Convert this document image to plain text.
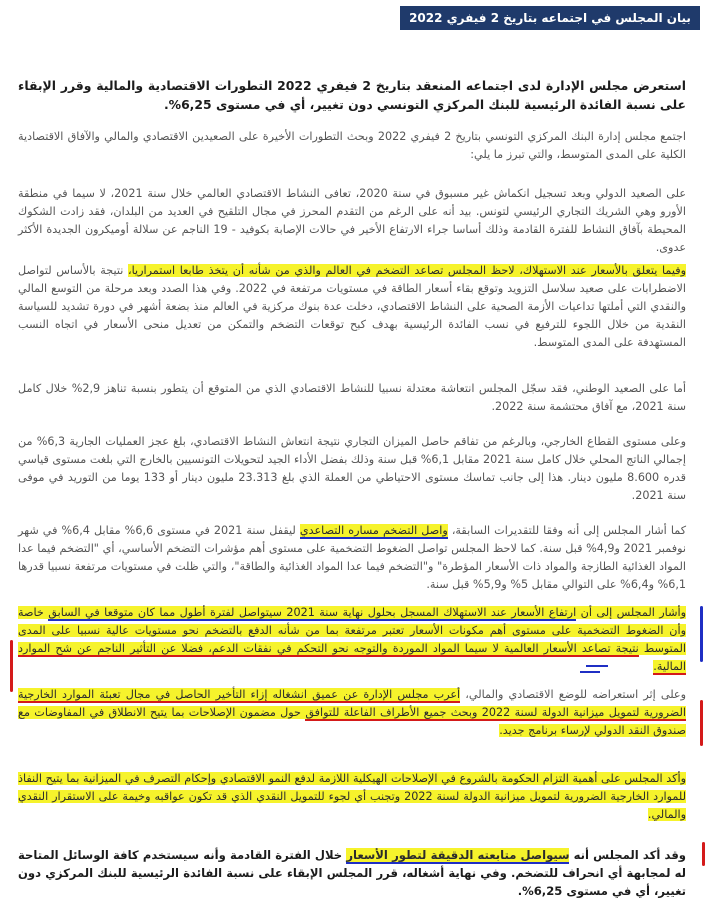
بيان المجلس في اجتماعه بتاريخ 2 فيفري 2022
استعرض مجلس الإدارة لدى اجتماعه المنعقد بتاريخ 2 فيفري 2022 التطورات الاقتصادية والمالية وقرر الإبقاء على نسبة الفائدة الرئيسية للبنك المركزي التونسي دون تغيير، أي في مستوى 6,25%.
اجتمع مجلس إدارة البنك المركزي التونسي بتاريخ 2 فيفري 2022 وبحث التطورات الأخيرة على الصعيدين الاقتصادي والمالي والآفاق الاقتصادية الكلية على المدى المتوسط، والتي تبرز ما يلي:
على الصعيد الدولي وبعد تسجيل انكماش غير مسبوق في سنة 2020، تعافى النشاط الاقتصادي العالمي خلال سنة 2021، لا سيما في منطقة الأورو وهي الشريك التجاري الرئيسي لتونس. بيد أنه على الرغم من التقدم المحرز في مجال التلقيح في العديد من البلدان، فقد زادت الشكوك المحيطة بآفاق النشاط للفترة القادمة وذلك أساسا جراء الارتفاع الأخير في حالات الإصابة بكوفيد - 19 الناجم عن سلالة أوميكرون الجديدة الأكثر عدوى.
وفيما يتعلق بالأسعار عند الاستهلاك، لاحظ المجلس تصاعد التضخم في العالم والذي من شأنه أن يتخذ طابعا استمراريا، نتيجة بالأساس لتواصل الاضطرابات على صعيد سلاسل التزويد وتوقع بقاء أسعار الطاقة في مستويات مرتفعة في 2022. وفي هذا الصدد وبعد مرحلة من التوسع المالي والنقدي التي أملتها تداعيات الأزمة الصحية على النشاط الاقتصادي، دخلت عدة بنوك مركزية في العالم منذ بضعة أشهر في دورة تشديد للسياسة النقدية من خلال اللجوء للترفيع في نسب الفائدة الرئيسية بهدف كبح توقعات التضخم والتمكن من تعديل منحى الأسعار في اتجاه النسب المستهدفة على المدى المتوسط.
أما على الصعيد الوطني، فقد سجّل المجلس انتعاشة معتدلة نسبيا للنشاط الاقتصادي الذي من المتوقع أن يتطور بنسبة تناهز 2,9% خلال كامل سنة 2021، مع آفاق محتشمة سنة 2022.
وعلى مستوى القطاع الخارجي، وبالرغم من تفاقم حاصل الميزان التجاري نتيجة انتعاش النشاط الاقتصادي، بلغ عجز العمليات الجارية 6,3% من إجمالي الناتج المحلي خلال كامل سنة 2021 مقابل 6,1% قبل سنة وذلك بفضل الأداء الجيد لتحويلات التونسيين بالخارج التي بلغت مستوى قياسي قدره 8.600 مليون دينار. هذا إلى جانب تماسك مستوى الاحتياطي من العملة الذي بلغ 23.313 مليون دينار أو 133 يوما من التوريد في موفى سنة 2021.
كما أشار المجلس إلى أنه وفقا للتقديرات السابقة، واصل التضخم مساره التصاعدي ليقفل سنة 2021 في مستوى 6,6% مقابل 6,4% في شهر نوفمبر 2021 و4,9% قبل سنة. كما لاحظ المجلس تواصل الضغوط التضخمية على مستوى أهم مؤشرات التضخم الأساسي، أي "التضخم فيما عدا المواد الغذائية الطازجة والمواد ذات الأسعار المؤطرة" و"التضخم فيما عدا المواد الغذائية والطاقة"، والتي ظلت في مستويات مرتفعة نسبيا قدرها 6,1% و6,4% على التوالي مقابل 5% و5,9% قبل سنة.
وأشار المجلس إلى أن ارتفاع الأسعار عند الاستهلاك المسجل بحلول نهاية سنة 2021 سيتواصل لفترة أطول مما كان متوقعا في السابق خاصة وأن الضغوط التضخمية على مستوى أهم مكونات الأسعار تعتبر مرتفعة بما من شأنه الدفع بالتضخم نحو مستويات عالية نسبيا على المدى المتوسط نتيجة تصاعد الأسعار العالمية لا سيما المواد الموردة والتوجه نحو التحكم في نفقات الدعم، فضلا عن التأثير الناجم عن شح الموارد المالية.
وعلى إثر استعراضه للوضع الاقتصادي والمالي، أعرب مجلس الإدارة عن عميق انشغاله إزاء التأخير الحاصل في مجال تعبئة الموارد الخارجية الضرورية لتمويل ميزانية الدولة لسنة 2022 وبحث جميع الأطراف الفاعلة للتوافق حول مضمون الإصلاحات بما يتيح الانطلاق في المفاوضات مع صندوق النقد الدولي لإرساء برنامج جديد.
وأكد المجلس على أهمية التزام الحكومة بالشروع في الإصلاحات الهيكلية اللازمة لدفع النمو الاقتصادي وإحكام التصرف في الميزانية بما يتيح النفاذ للموارد الخارجية الضرورية لتمويل ميزانية الدولة لسنة 2022 وتجنب أي لجوء للتمويل النقدي الذي قد تكون عواقبه وخيمة على الاستقرار النقدي والمالي.
وقد أكد المجلس أنه سيواصل متابعته الدقيقة لتطور الأسعار خلال الفترة القادمة وأنه سيستخدم كافة الوسائل المتاحة له لمجابهة أي انحراف للتضخم. وفي نهاية أشغاله، قرر المجلس الإبقاء على نسبة الفائدة الرئيسية للبنك المركزي دون تغيير، أي في مستوى 6,25%.
